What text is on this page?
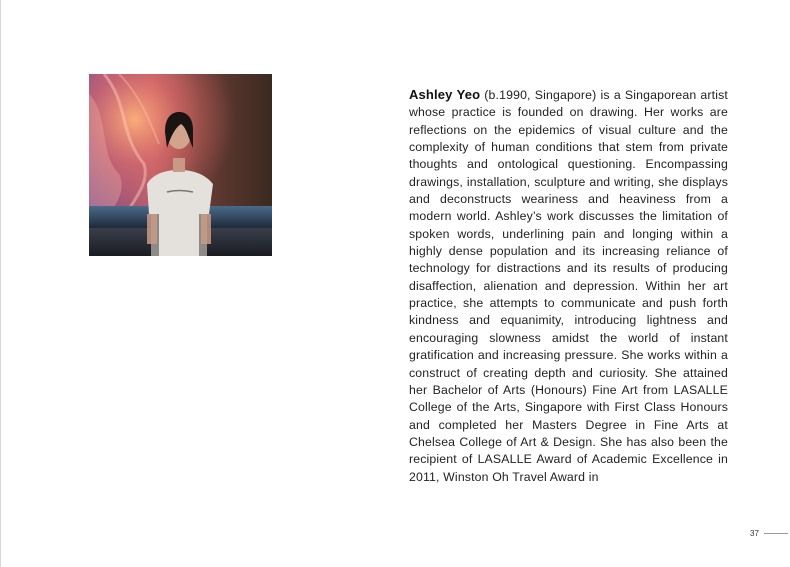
Ashley Yeo (b.1990, Singapore) is a Singaporean artist whose practice is founded on drawing. Her works are reflections on the epidemics of visual culture and the complexity of human conditions that stem from private thoughts and ontological questioning. Encompassing drawings, installation, sculpture and writing, she displays and deconstructs weariness and heaviness from a modern world. Ashley’s work discusses the limitation of spoken words, underlining pain and longing within a highly dense population and its increasing reliance of technology for distractions and its results of producing disaffection, alienation and depression. Within her art practice, she attempts to communicate and push forth kindness and equanimity, introducing lightness and encouraging slowness amidst the world of instant gratification and increasing pressure. She works within a construct of creating depth and curiosity. She attained her Bachelor of Arts (Honours) Fine Art from LASALLE College of the Arts, Singapore with First Class Honours and completed her Masters Degree in Fine Arts at Chelsea College of Art & Design. She has also been the recipient of LASALLE Award of Academic Excellence in 2011, Winston Oh Travel Award in

37
